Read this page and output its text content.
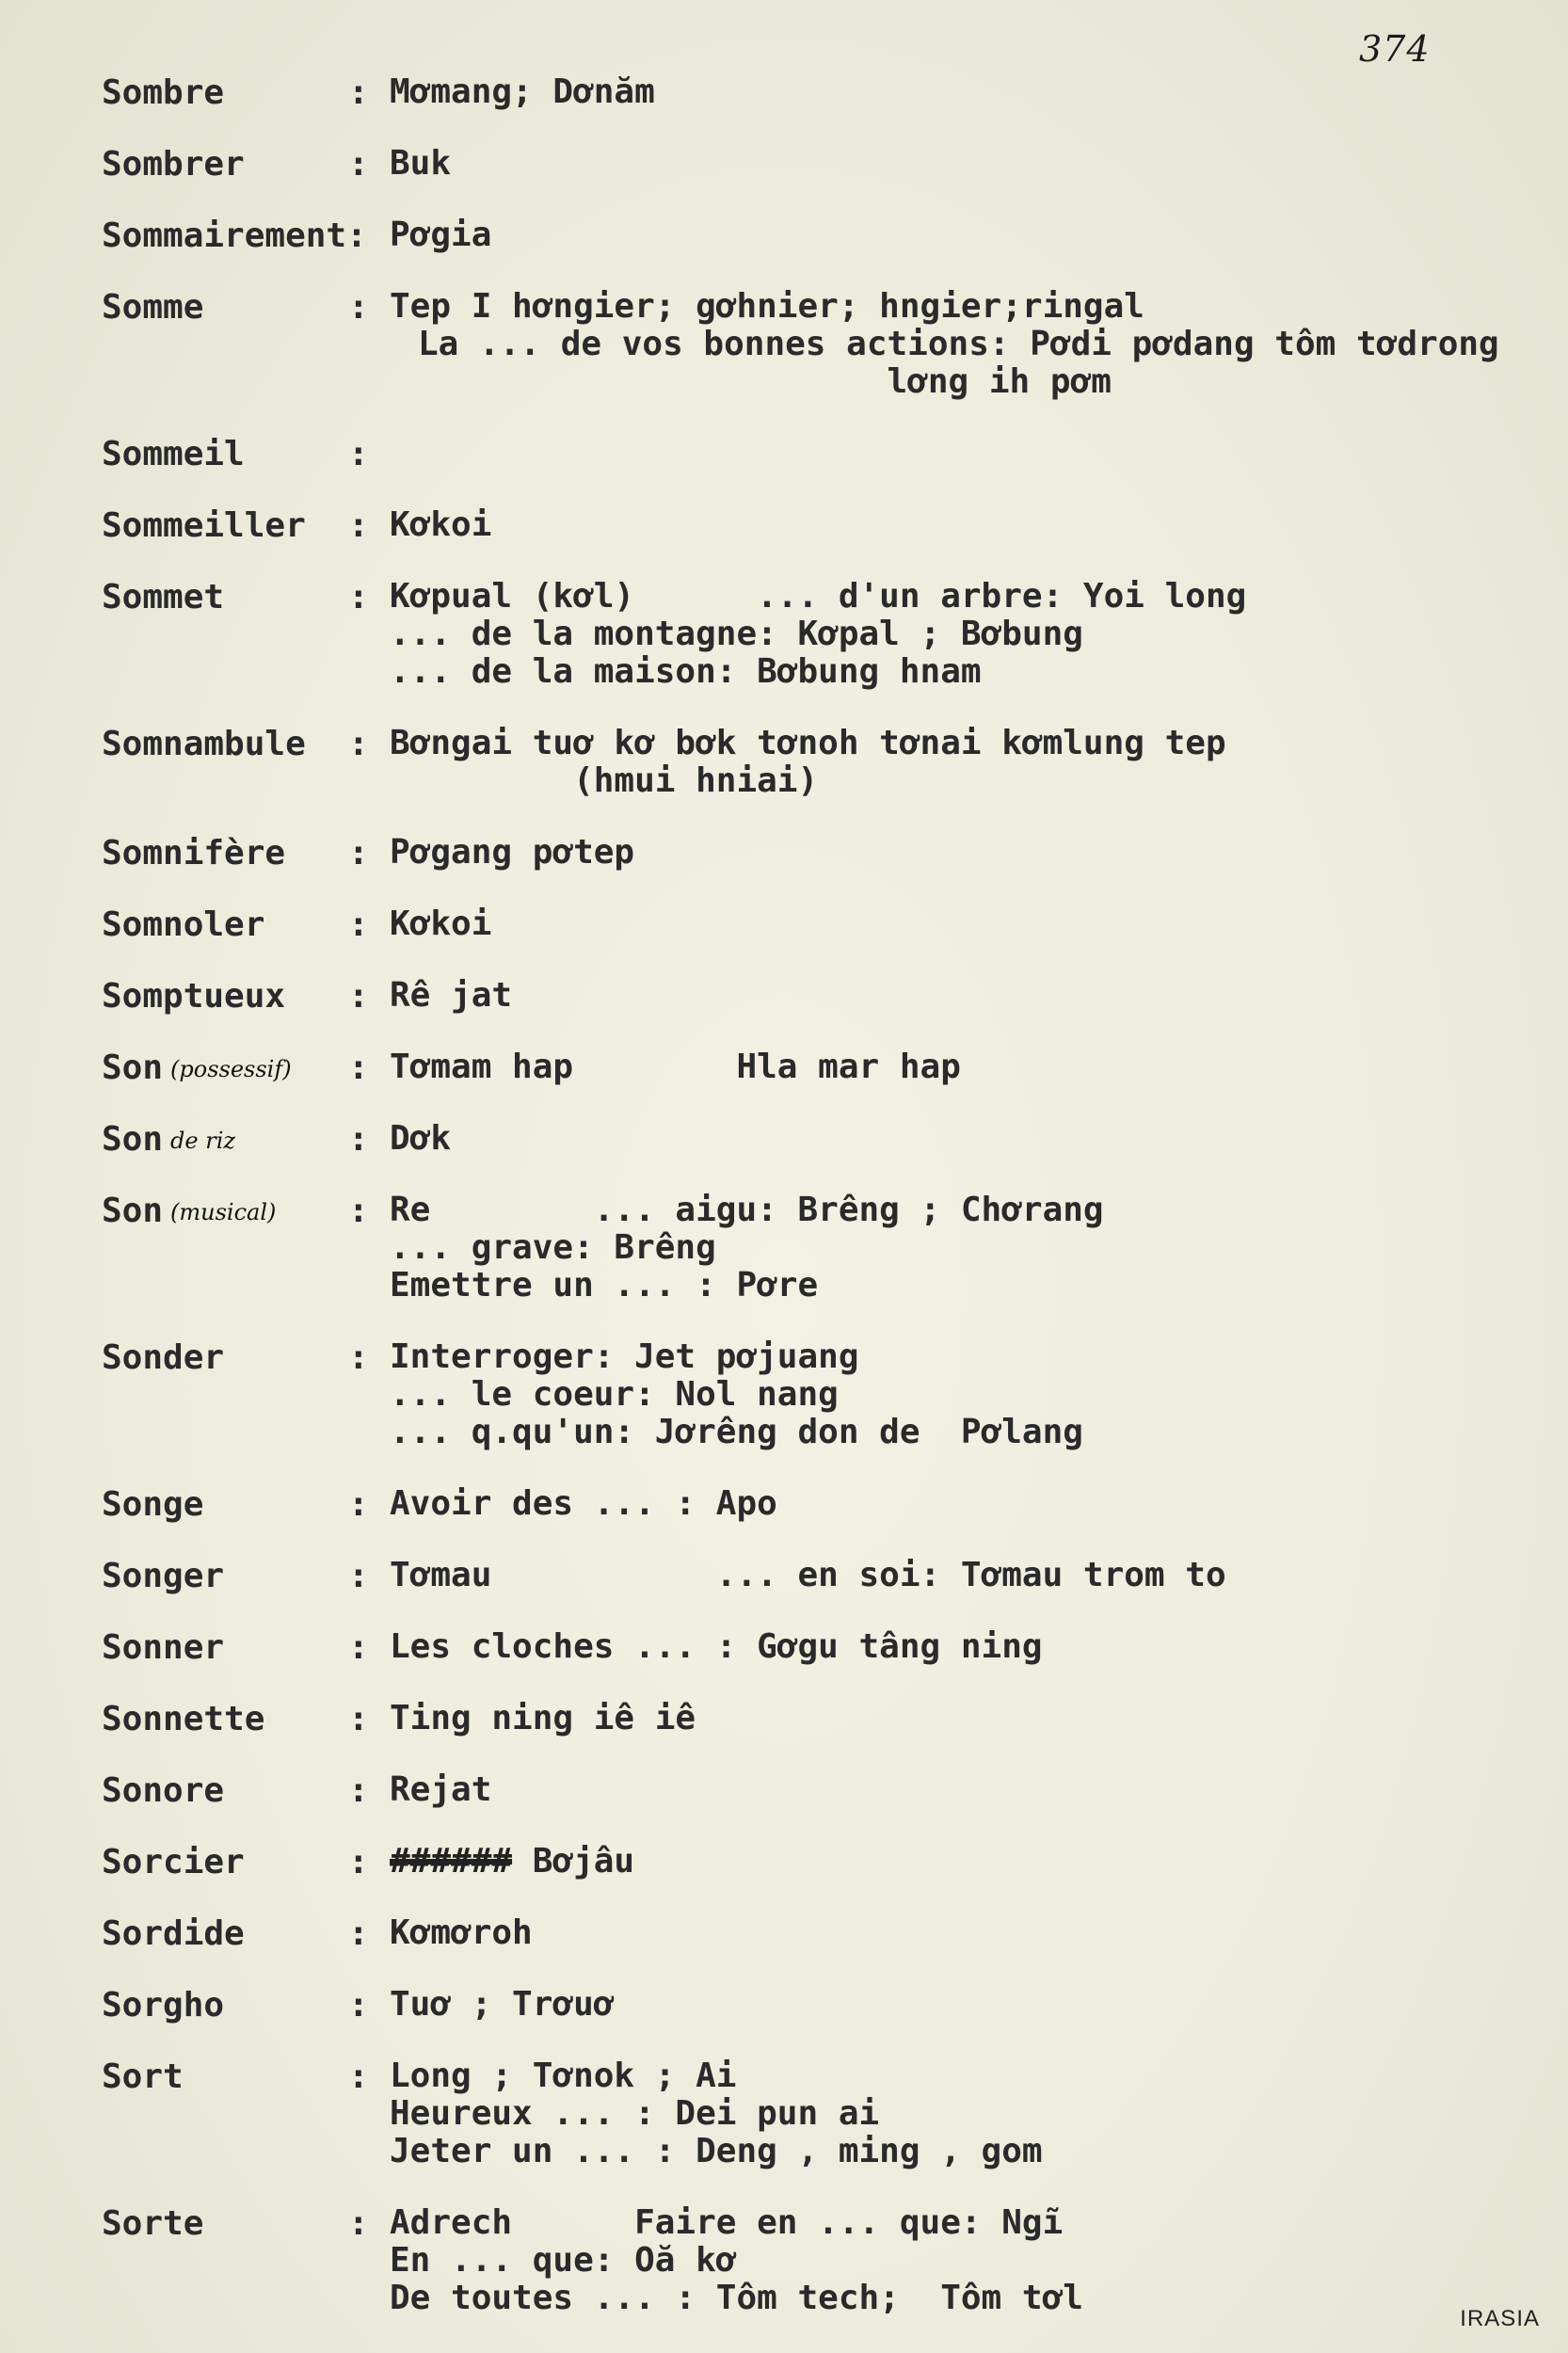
374
Sombre	: Mơmang; Dơnăm
Sombrer	: Buk
Sommairement: Pơgia
Somme	: Tep I hơngier; gơhnier; hngier;ringal
La ... de vos bonnes actions: Pơdi pơdang tôm tơdrong
lơng ih pơm
Sommeil	:
Sommeiller	: Kơkoi
Sommet	: Kơpual (kơl)      ... d'un arbre: Yoi long
... de la montagne: Kơpal ; Bơbung
... de la maison: Bơbung hnam
Somnambule	: Bơngai tuơ kơ bơk tơnoh tơnai kơmlung tep
(hmui hniai)
Somnifère	: Pơgang pơtep
Somnoler	: Kơkoi
Somptueux	: Rê jat
Son (possessif)	: Tơmam hap        Hla mar hap
Son de riz	: Dơk
Son (musical)	: Re        ... aigu: Brêng ; Chơrang
... grave: Brêng
Emettre un ... : Pơre
Sonder	: Interroger: Jet pơjuang
... le coeur: Nol nang
... q.qu'un: Jơrêng don de  Pơlang
Songe	: Avoir des ... : Apo
Songer	: Tơmau           ... en soi: Tơmau trom to
Sonner	: Les cloches ... : Gơgu tâng ning
Sonnette	: Ting ning iê iê
Sonore	: Rejat
Sorcier	: ###### Bơjâu
Sordide	: Kơmơroh
Sorgho	: Tuơ ; Trơuơ
Sort	: Long ; Tơnok ; Ai
Heureux ... : Dei pun ai
Jeter un ... : Deng , ming , gom
Sorte	: Adrech      Faire en ... que: Ngĩ
En ... que: Oă kơ
De toutes ... : Tôm tech;  Tôm tơl
IRASIA
